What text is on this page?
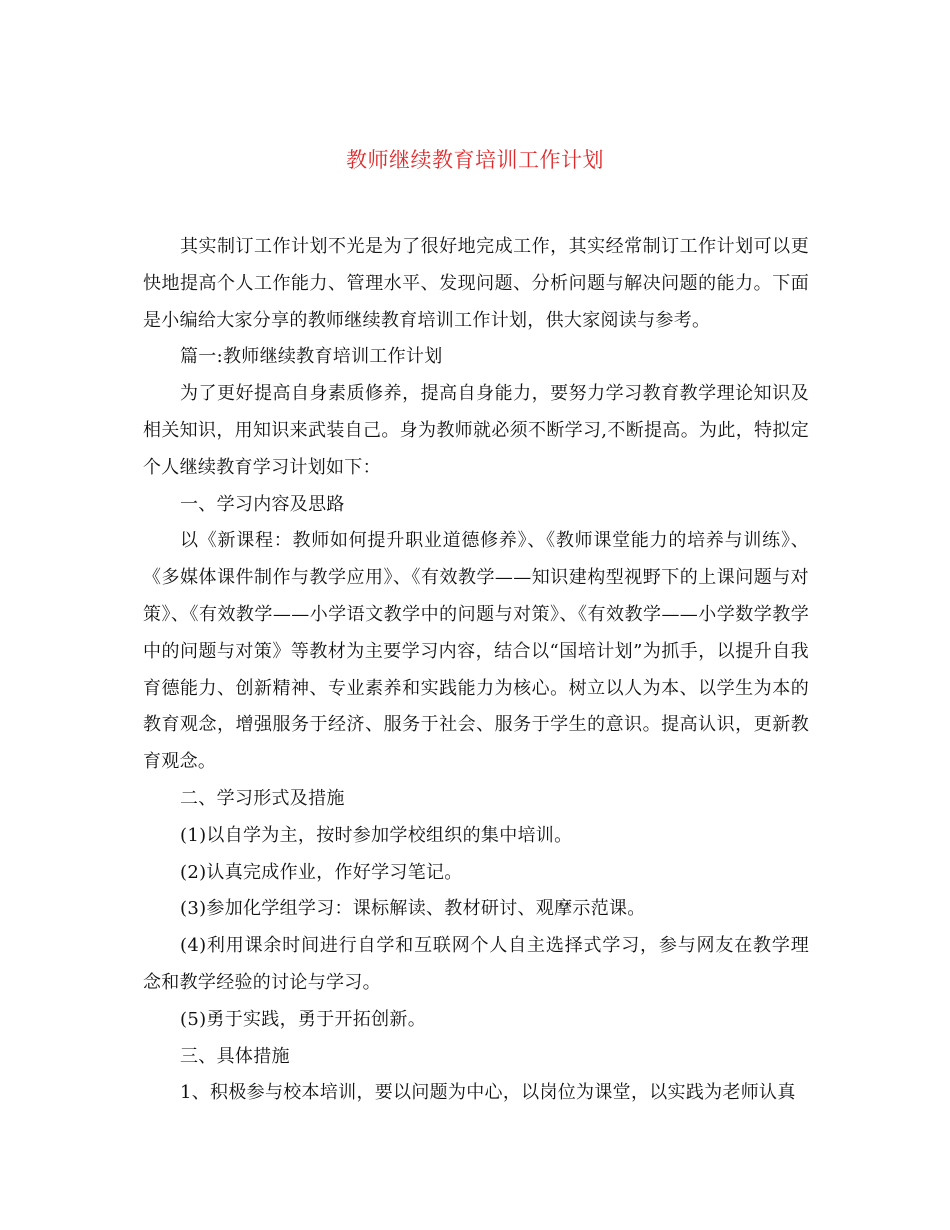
教师继续教育培训工作计划

其实制订工作计划不光是为了很好地完成工作，其实经常制订工作计划可以更快地提高个人工作能力、管理水平、发现问题、分析问题与解决问题的能力。下面是小编给大家分享的教师继续教育培训工作计划，供大家阅读与参考。

篇一:教师继续教育培训工作计划

为了更好提高自身素质修养，提高自身能力，要努力学习教育教学理论知识及相关知识，用知识来武装自己。身为教师就必须不断学习,不断提高。为此，特拟定个人继续教育学习计划如下：

一、学习内容及思路

以《新课程：教师如何提升职业道德修养》、《教师课堂能力的培养与训练》、《多媒体课件制作与教学应用》、《有效教学——知识建构型视野下的上课问题与对策》、《有效教学——小学语文教学中的问题与对策》、《有效教学——小学数学教学中的问题与对策》等教材为主要学习内容，结合以“国培计划”为抓手，以提升自我育德能力、创新精神、专业素养和实践能力为核心。树立以人为本、以学生为本的教育观念，增强服务于经济、服务于社会、服务于学生的意识。提高认识，更新教育观念。

二、学习形式及措施

(1)以自学为主，按时参加学校组织的集中培训。

(2)认真完成作业，作好学习笔记。

(3)参加化学组学习：课标解读、教材研讨、观摩示范课。

(4)利用课余时间进行自学和互联网个人自主选择式学习，参与网友在教学理念和教学经验的讨论与学习。

(5)勇于实践，勇于开拓创新。

三、具体措施

1、积极参与校本培训，要以问题为中心，以岗位为课堂，以实践为老师认真
